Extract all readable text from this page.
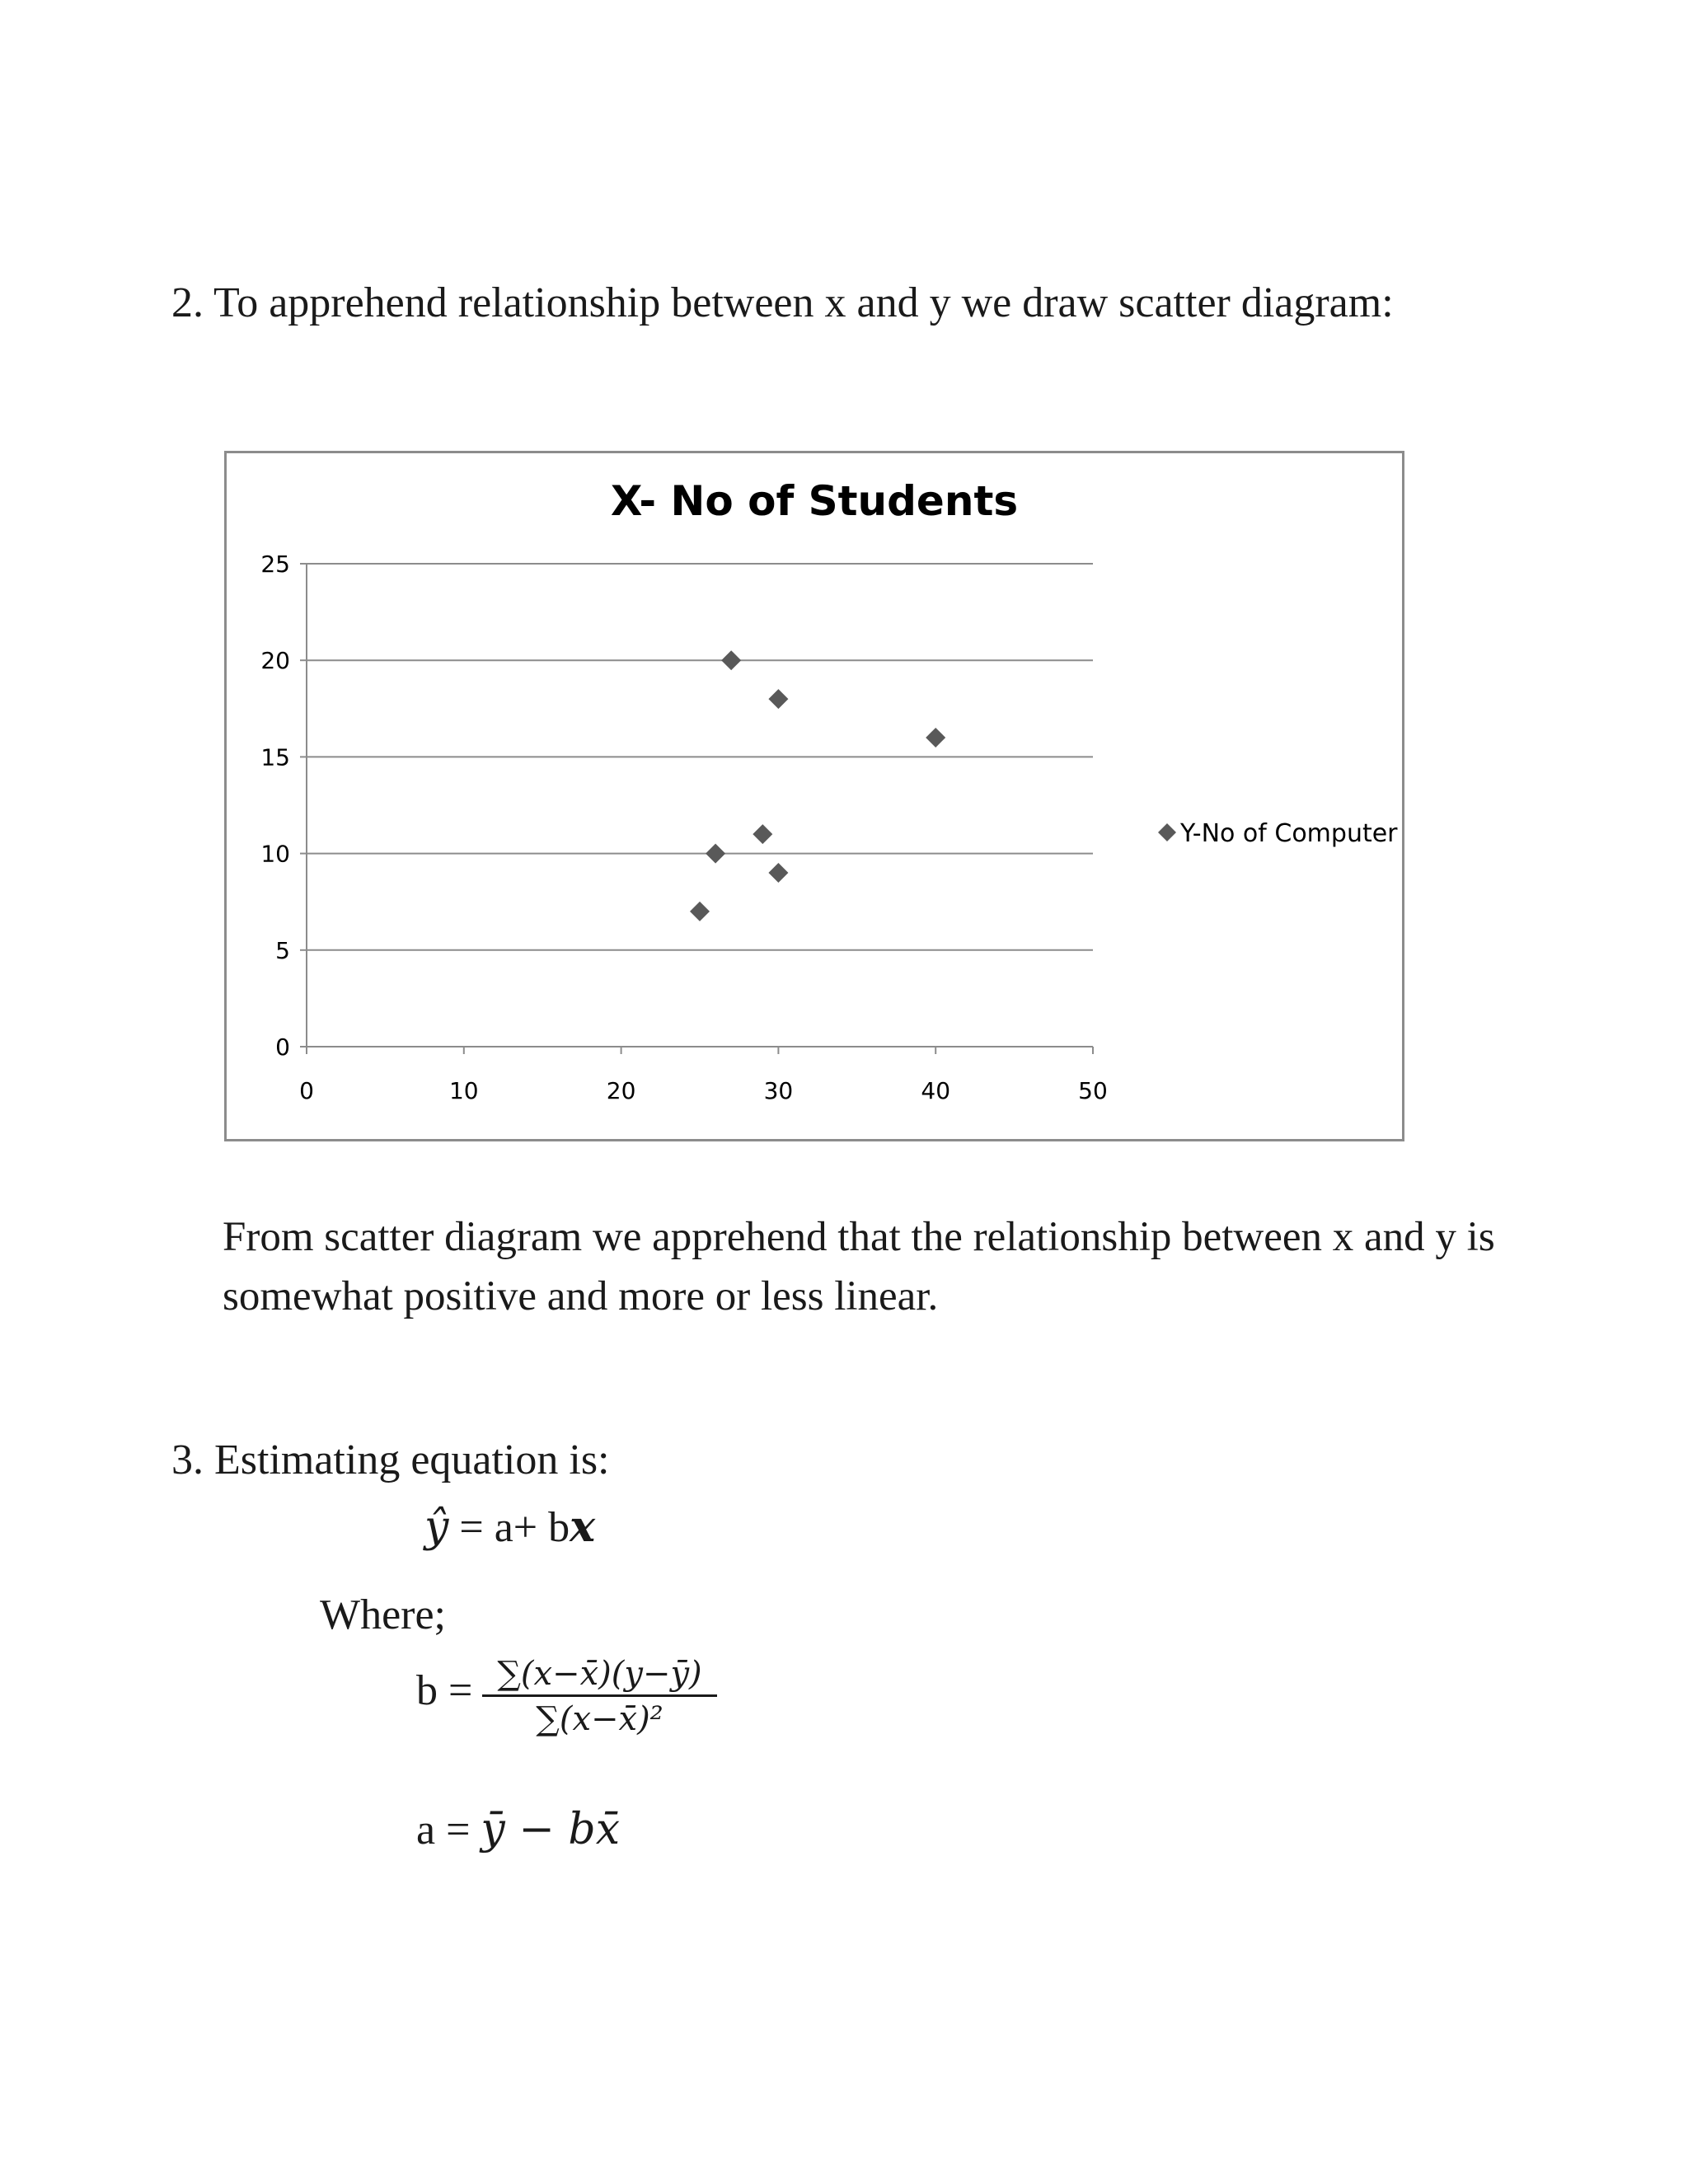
2. To apprehend relationship between x and y we draw scatter diagram:
X- No of Students
0
5
10
15
20
25
0	10	20	30	40	50
Y-No of Computer
From scatter diagram we apprehend that the relationship between x and y is somewhat positive and more or less linear.
3. Estimating equation is:
ŷ = a+ bx
Where;
$b = \frac{\sum(x-x̄)(y-ȳ)}{\text{∑(x−x̄)²}}$
a = ȳ − bx̄
